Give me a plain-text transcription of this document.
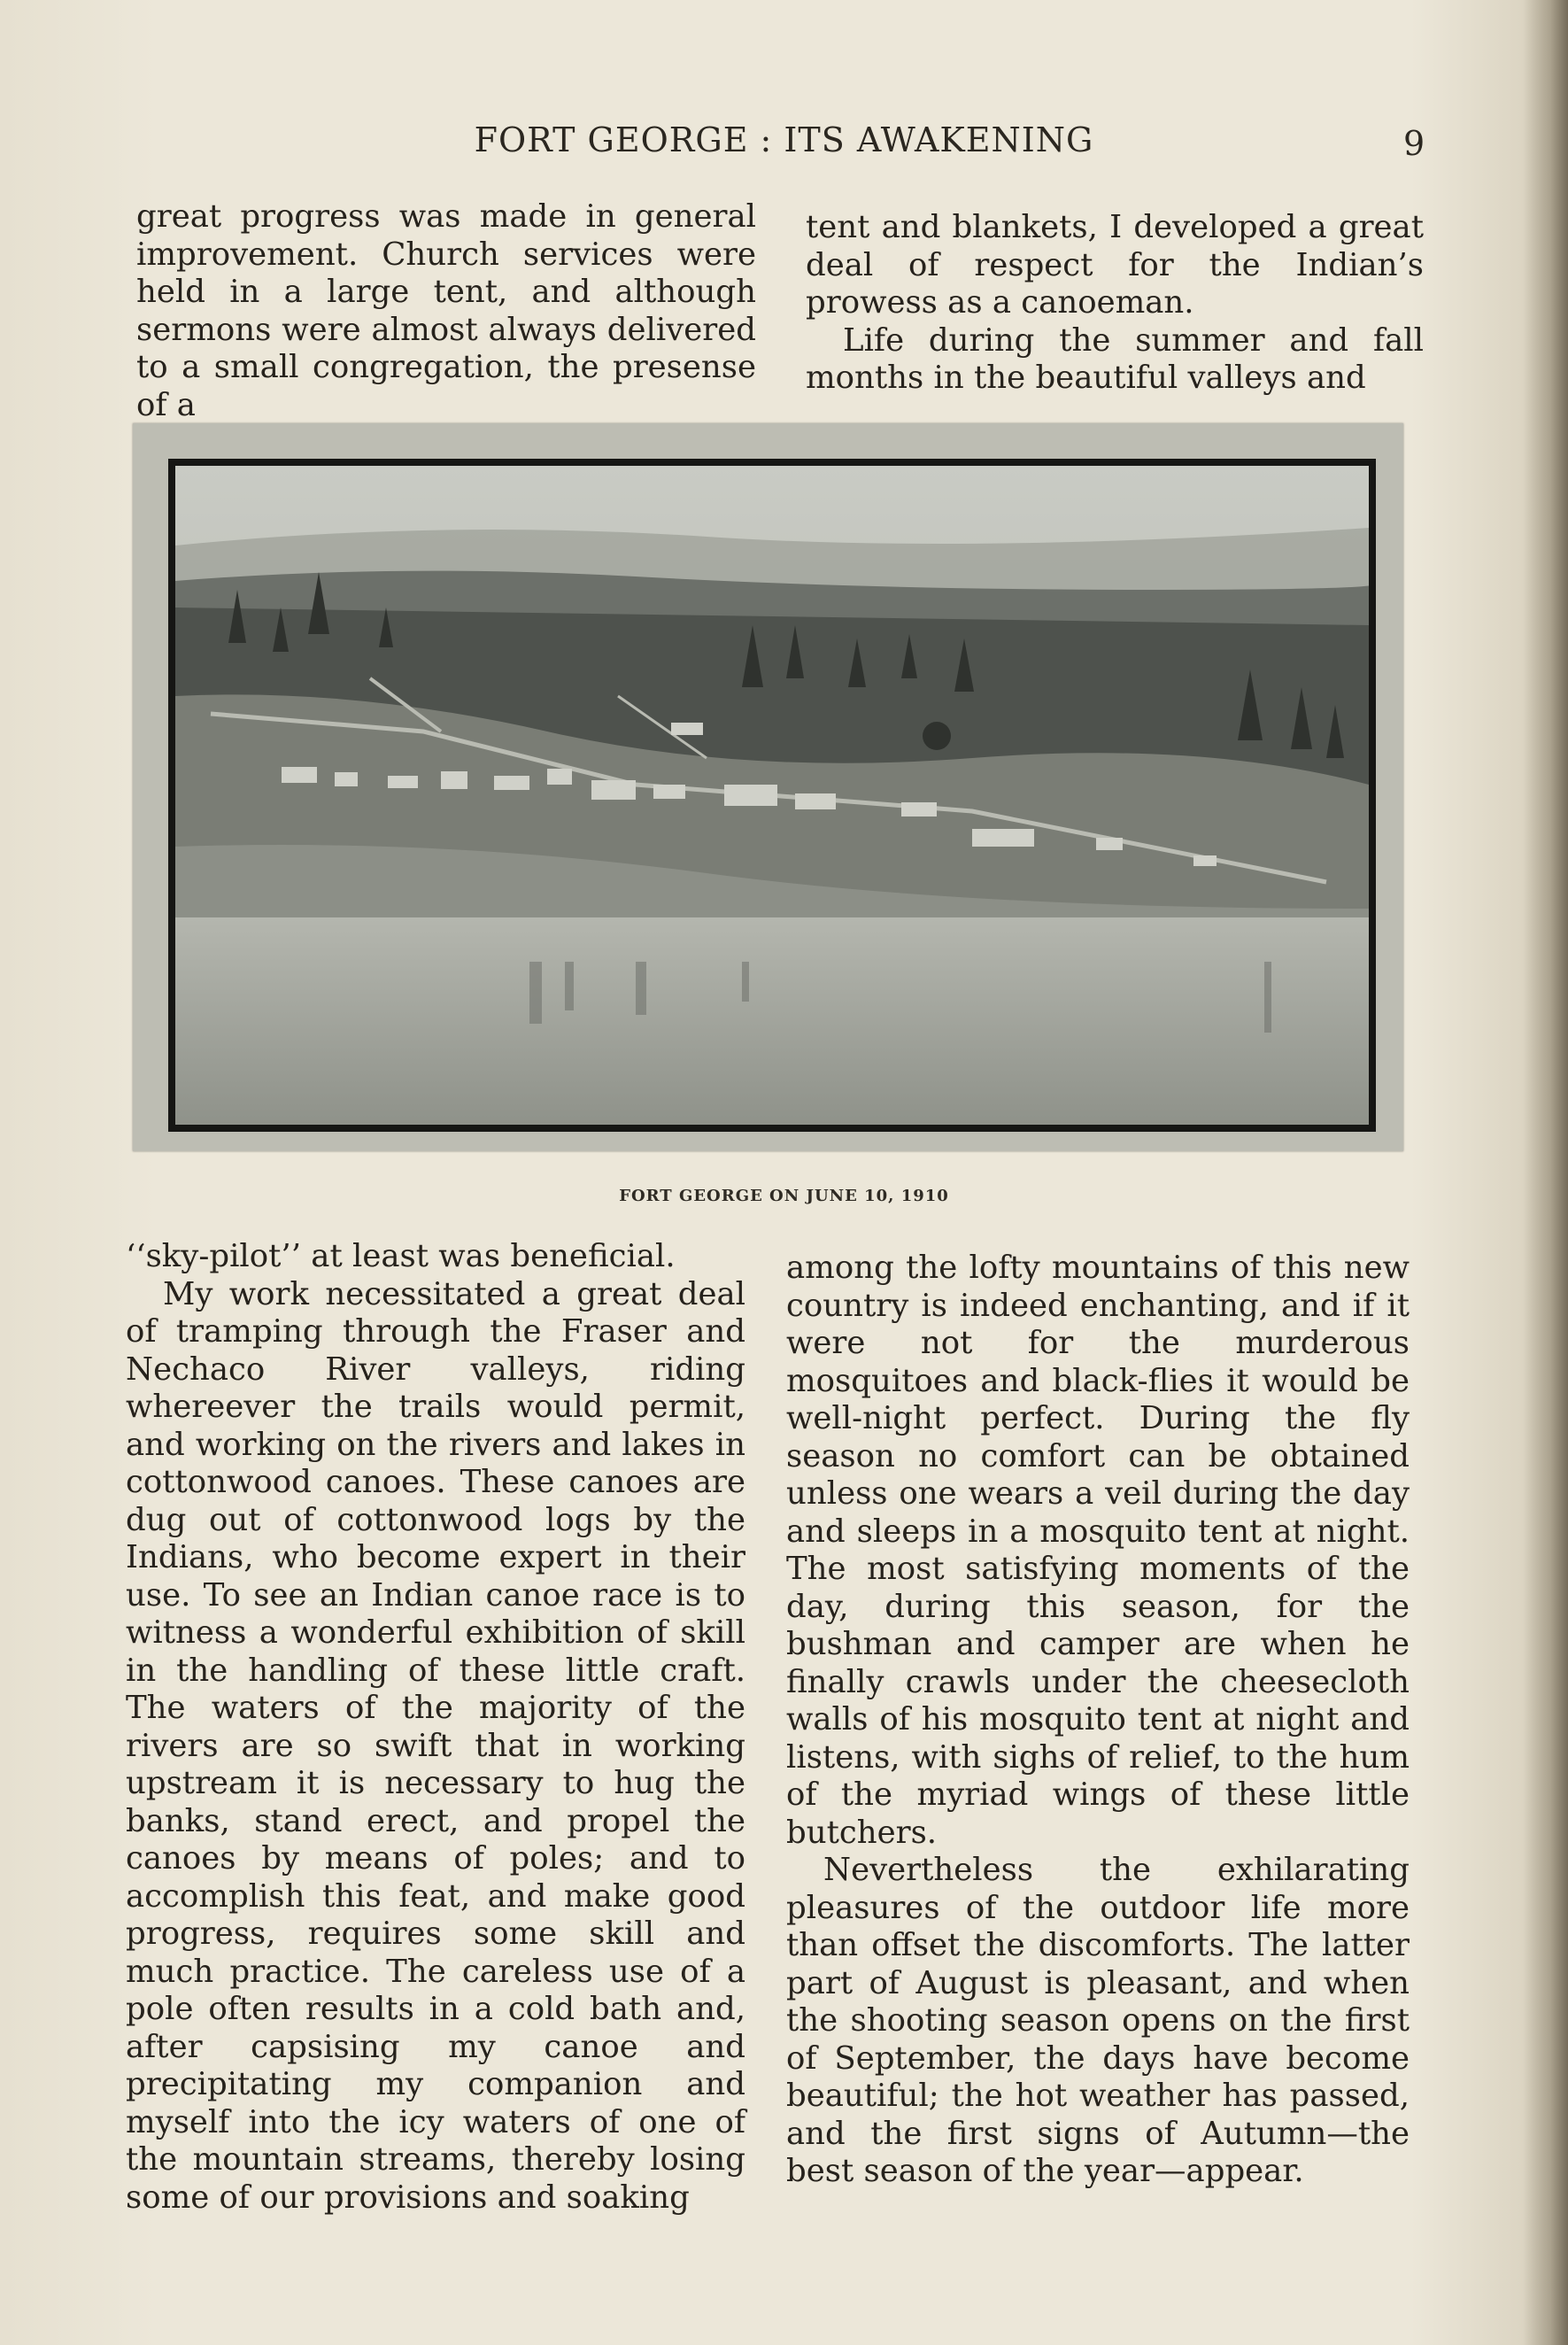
FORT GEORGE : ITS AWAKENING	9

great progress was made in general improvement. Church services were held in a large tent, and although sermons were almost always delivered to a small congregation, the presense of a

tent and blankets, I developed a great deal of respect for the Indian’s prowess as a canoeman.

Life during the summer and fall months in the beautiful valleys and

FORT GEORGE ON JUNE 10, 1910

‘‘sky-pilot’’ at least was beneficial.

My work necessitated a great deal of tramping through the Fraser and Nechaco River valleys, riding whereever the trails would permit, and working on the rivers and lakes in cottonwood canoes. These canoes are dug out of cottonwood logs by the Indians, who become expert in their use. To see an Indian canoe race is to witness a wonderful exhibition of skill in the handling of these little craft. The waters of the majority of the rivers are so swift that in working upstream it is necessary to hug the banks, stand erect, and propel the canoes by means of poles; and to accomplish this feat, and make good progress, requires some skill and much practice. The careless use of a pole often results in a cold bath and, after capsising my canoe and precipitating my companion and myself into the icy waters of one of the mountain streams, thereby losing some of our provisions and soaking

among the lofty mountains of this new country is indeed enchanting, and if it were not for the murderous mosquitoes and black-flies it would be well-night perfect. During the fly season no comfort can be obtained unless one wears a veil during the day and sleeps in a mosquito tent at night. The most satisfying moments of the day, during this season, for the bushman and camper are when he finally crawls under the cheesecloth walls of his mosquito tent at night and listens, with sighs of relief, to the hum of the myriad wings of these little butchers.

Nevertheless the exhilarating pleasures of the outdoor life more than offset the discomforts. The latter part of August is pleasant, and when the shooting season opens on the first of September, the days have become beautiful; the hot weather has passed, and the first signs of Autumn—the best season of the year—appear.
